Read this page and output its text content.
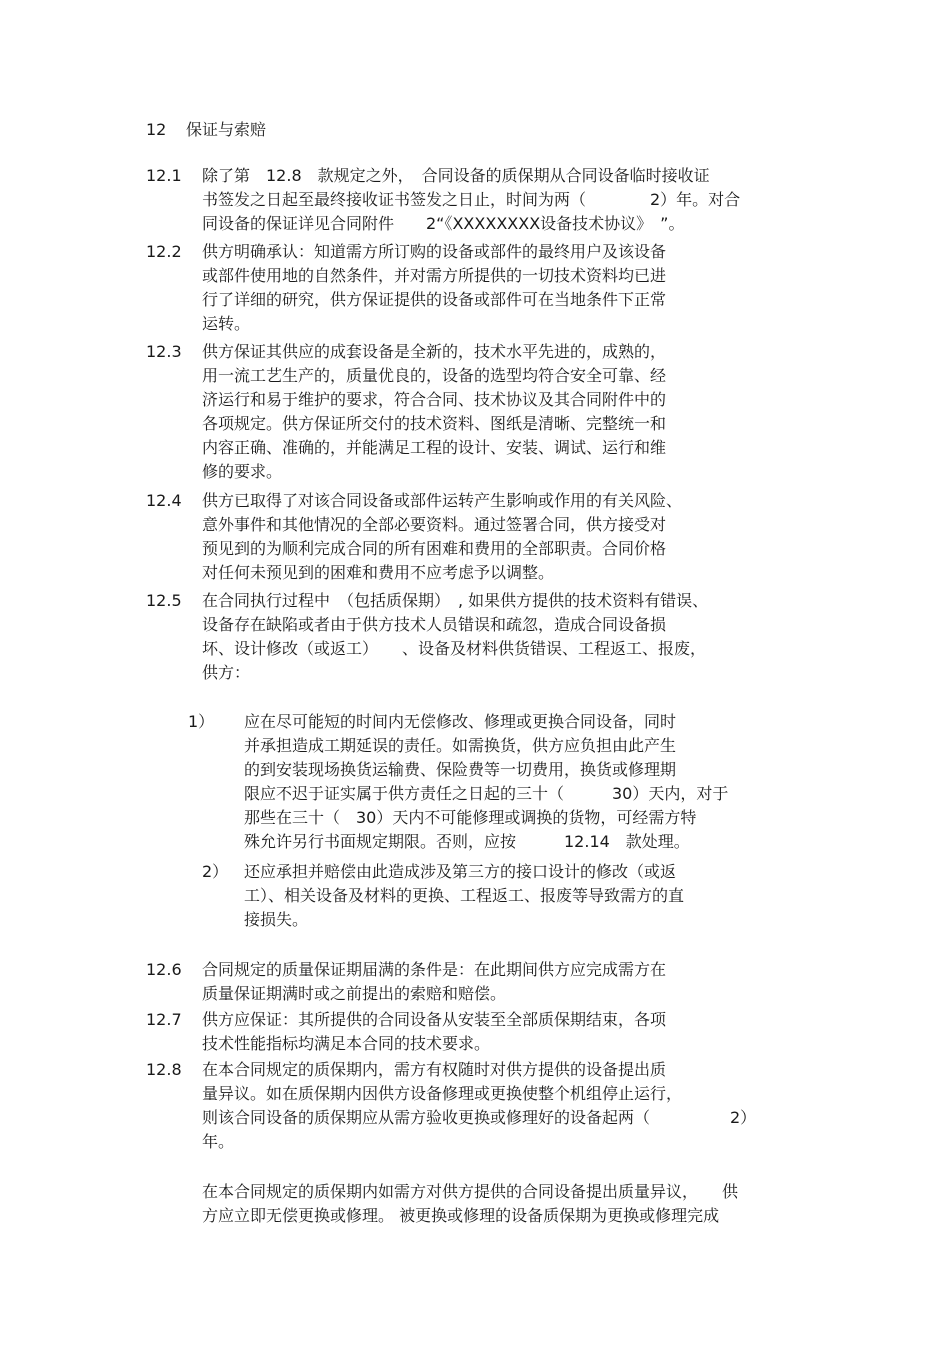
12 保证与索赔
12.1 除了第　12.8　款规定之外，　合同设备的质保期从合同设备临时接收证
书签发之日起至最终接收证书签发之日止，时间为两（　　　　2）年。对合
同设备的保证详见合同附件　　2“《XXXXXXXX设备技术协议》　”。
12.2 供方明确承认：知道需方所订购的设备或部件的最终用户及该设备
或部件使用地的自然条件，并对需方所提供的一切技术资料均已进
行了详细的研究，供方保证提供的设备或部件可在当地条件下正常
运转。
12.3 供方保证其供应的成套设备是全新的，技术水平先进的，成熟的，
用一流工艺生产的，质量优良的，设备的选型均符合安全可靠、经
济运行和易于维护的要求，符合合同、技术协议及其合同附件中的
各项规定。供方保证所交付的技术资料、图纸是清晰、完整统一和
内容正确、准确的，并能满足工程的设计、安装、调试、运行和维
修的要求。
12.4 供方已取得了对该合同设备或部件运转产生影响或作用的有关风险、
意外事件和其他情况的全部必要资料。通过签署合同，供方接受对
预见到的为顺利完成合同的所有困难和费用的全部职责。合同价格
对任何未预见到的困难和费用不应考虑予以调整。
12.5 在合同执行过程中　（包括质保期）　, 如果供方提供的技术资料有错误、
设备存在缺陷或者由于供方技术人员错误和疏忽，造成合同设备损
坏、设计修改（或返工）　　、设备及材料供货错误、工程返工、报废，
供方：
1） 应在尽可能短的时间内无偿修改、修理或更换合同设备，同时
并承担造成工期延误的责任。如需换货，供方应负担由此产生
的到安装现场换货运输费、保险费等一切费用，换货或修理期
限应不迟于证实属于供方责任之日起的三十（　　　30）天内，对于
那些在三十（　30）天内不可能修理或调换的货物，可经需方特
殊允许另行书面规定期限。否则，应按　　　12.14　款处理。
2） 还应承担并赔偿由此造成涉及第三方的接口设计的修改（或返
工）、相关设备及材料的更换、工程返工、报废等导致需方的直
接损失。
12.6 合同规定的质量保证期届满的条件是：在此期间供方应完成需方在
质量保证期满时或之前提出的索赔和赔偿。
12.7 供方应保证：其所提供的合同设备从安装至全部质保期结束，各项
技术性能指标均满足本合同的技术要求。
12.8 在本合同规定的质保期内，需方有权随时对供方提供的设备提出质
量异议。如在质保期内因供方设备修理或更换使整个机组停止运行，
则该合同设备的质保期应从需方验收更换或修理好的设备起两（　　　　　2）
年。
在本合同规定的质保期内如需方对供方提供的合同设备提出质量异议，　　供
方应立即无偿更换或修理。 被更换或修理的设备质保期为更换或修理完成
